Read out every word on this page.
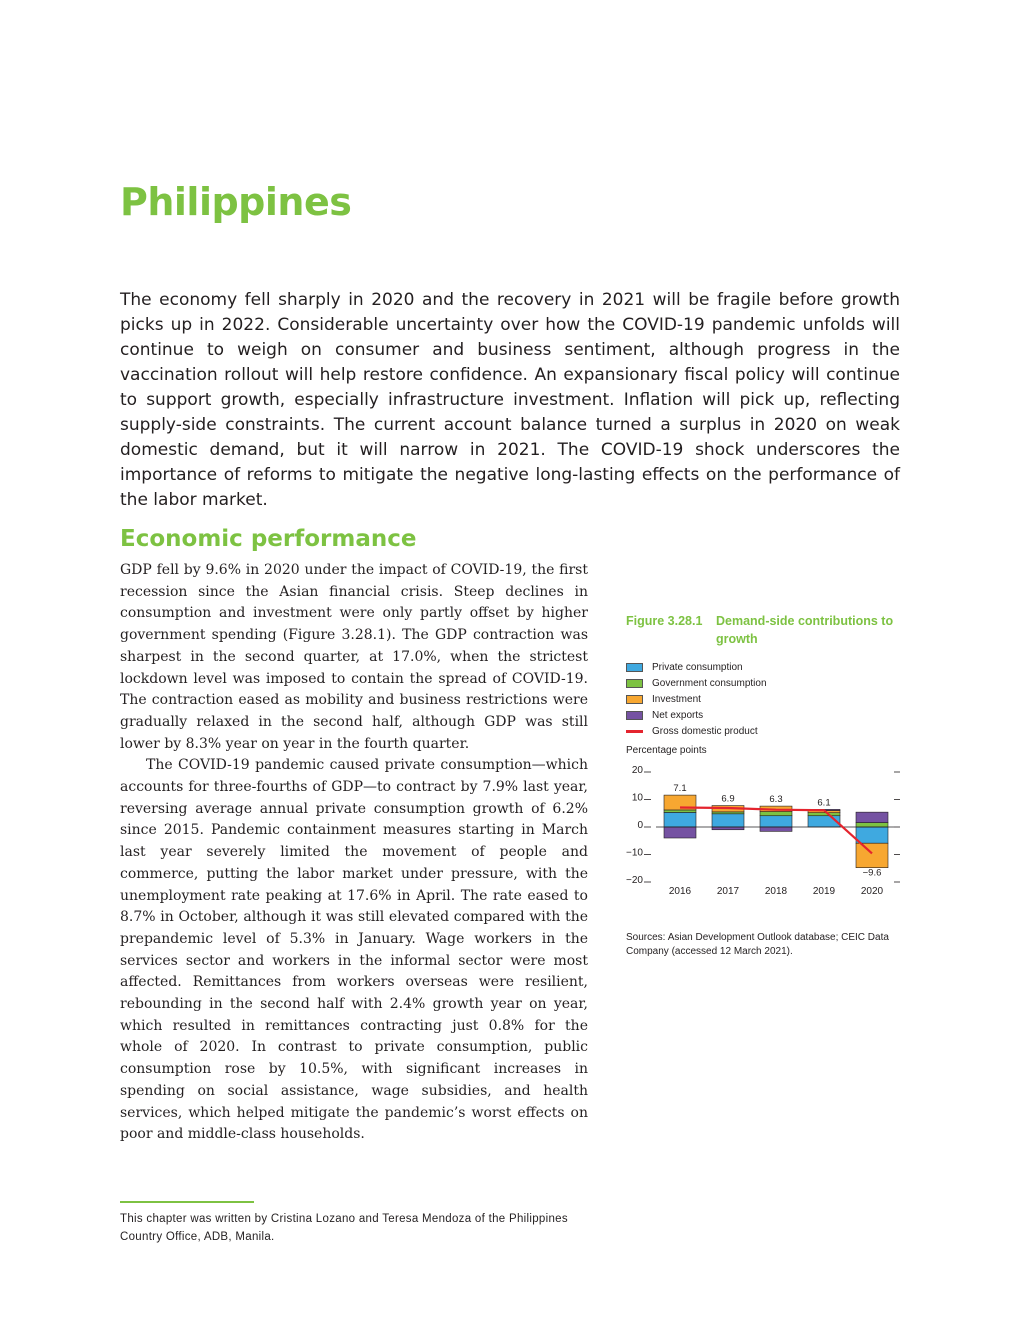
Philippines

The economy fell sharply in 2020 and the recovery in 2021 will be fragile before growth picks up in 2022. Considerable uncertainty over how the COVID-19 pandemic unfolds will continue to weigh on consumer and business sentiment, although progress in the vaccination rollout will help restore confidence. An expansionary fiscal policy will continue to support growth, especially infrastructure investment. Inflation will pick up, reflecting supply-side constraints. The current account balance turned a surplus in 2020 on weak domestic demand, but it will narrow in 2021. The COVID-19 shock underscores the importance of reforms to mitigate the negative long-lasting effects on the performance of the labor market.

Economic performance

GDP fell by 9.6% in 2020 under the impact of COVID-19, the first recession since the Asian financial crisis. Steep declines in consumption and investment were only partly offset by higher government spending (Figure 3.28.1). The GDP contraction was sharpest in the second quarter, at 17.0%, when the strictest lockdown level was imposed to contain the spread of COVID-19. The contraction eased as mobility and business restrictions were gradually relaxed in the second half, although GDP was still lower by 8.3% year on year in the fourth quarter.

The COVID-19 pandemic caused private consumption—which accounts for three-fourths of GDP—to contract by 7.9% last year, reversing average annual private consumption growth of 6.2% since 2015. Pandemic containment measures starting in March last year severely limited the movement of people and commerce, putting the labor market under pressure, with the unemployment rate peaking at 17.6% in April. The rate eased to 8.7% in October, although it was still elevated compared with the prepandemic level of 5.3% in January. Wage workers in the services sector and workers in the informal sector were most affected. Remittances from workers overseas were resilient, rebounding in the second half with 2.4% growth year on year, which resulted in remittances contracting just 0.8% for the whole of 2020. In contrast to private consumption, public consumption rose by 10.5%, with significant increases in spending on social assistance, wage subsidies, and health services, which helped mitigate the pandemic’s worst effects on poor and middle-class households.

Figure 3.28.1	Demand-side contributions to growth
Private consumption
Government consumption
Investment
Net exports
Gross domestic product
Percentage points
20
10
0
−10
−20
2016	2017	2018	2019	2020
7.1
6.9	6.3	6.1
−9.6
Sources: Asian Development Outlook database; CEIC Data Company (accessed 12 March 2021).
This chapter was written by Cristina Lozano and Teresa Mendoza of the Philippines Country Office, ADB, Manila.
